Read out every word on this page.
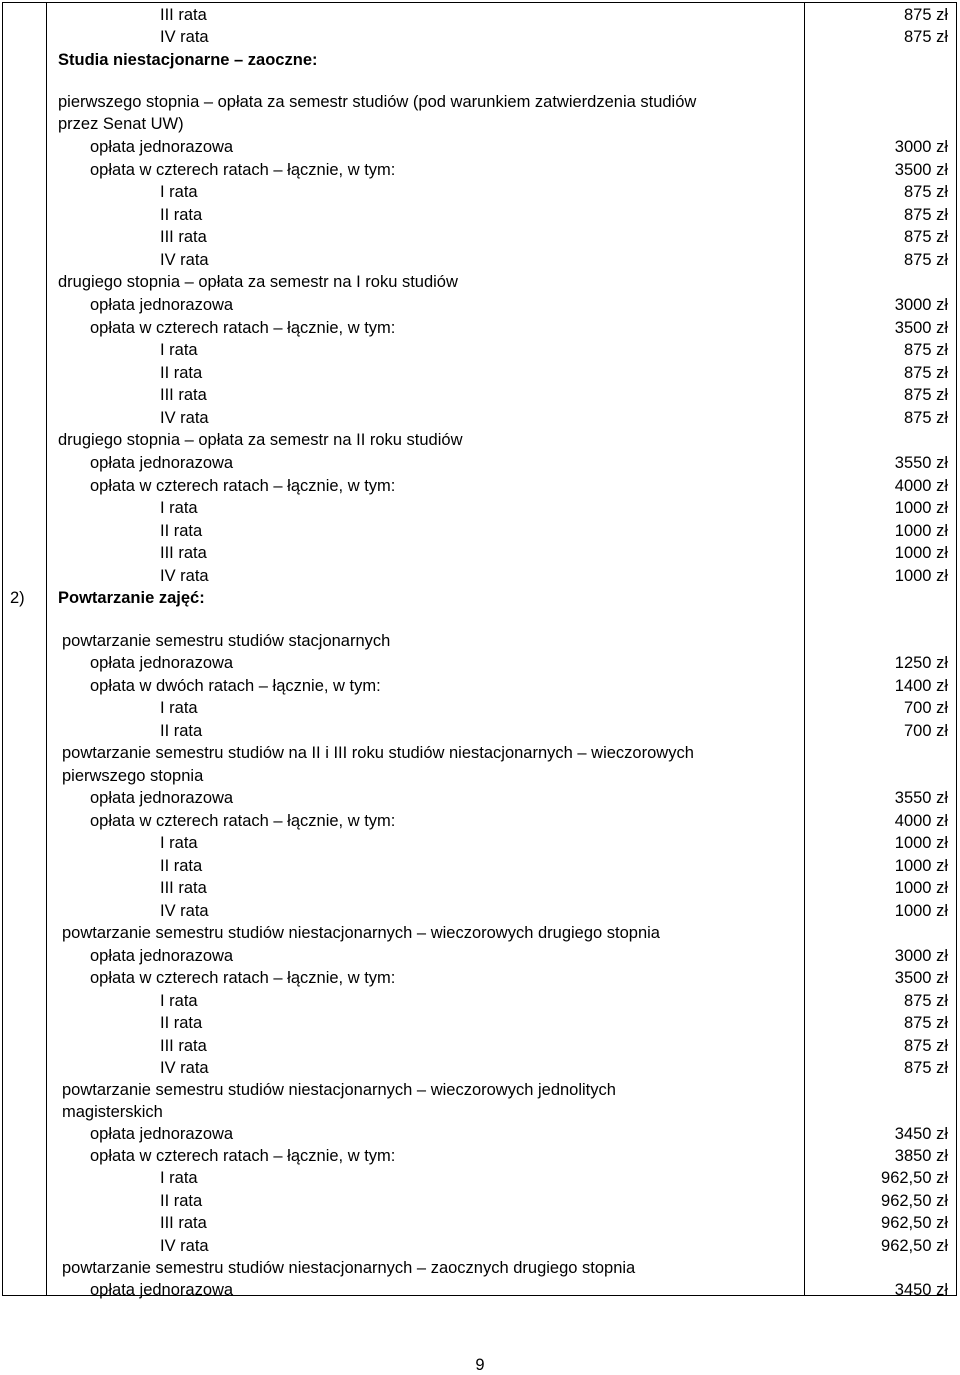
III rata	875 zł
IV rata	875 zł
Studia niestacjonarne – zaoczne:
pierwszego stopnia – opłata za semestr studiów (pod warunkiem zatwierdzenia studiów
przez Senat UW)
opłata jednorazowa	3000 zł
opłata w czterech ratach – łącznie, w tym:	3500 zł
I rata	875 zł
II rata	875 zł
III rata	875 zł
IV rata	875 zł
drugiego stopnia – opłata za semestr na I roku studiów
opłata jednorazowa	3000 zł
opłata w czterech ratach – łącznie, w tym:	3500 zł
I rata	875 zł
II rata	875 zł
III rata	875 zł
IV rata	875 zł
drugiego stopnia – opłata za semestr na II roku studiów
opłata jednorazowa	3550 zł
opłata w czterech ratach – łącznie, w tym:	4000 zł
I rata	1000 zł
II rata	1000 zł
III rata	1000 zł
IV rata	1000 zł
2) Powtarzanie zajęć:
powtarzanie semestru studiów stacjonarnych
opłata jednorazowa	1250 zł
opłata w dwóch ratach – łącznie, w tym:	1400 zł
I rata	700 zł
II rata	700 zł
powtarzanie semestru studiów na II i III roku studiów niestacjonarnych – wieczorowych
pierwszego stopnia
opłata jednorazowa	3550 zł
opłata w czterech ratach – łącznie, w tym:	4000 zł
I rata	1000 zł
II rata	1000 zł
III rata	1000 zł
IV rata	1000 zł
powtarzanie semestru studiów niestacjonarnych – wieczorowych drugiego stopnia
opłata jednorazowa	3000 zł
opłata w czterech ratach – łącznie, w tym:	3500 zł
I rata	875 zł
II rata	875 zł
III rata	875 zł
IV rata	875 zł
powtarzanie semestru studiów niestacjonarnych – wieczorowych jednolitych
magisterskich
opłata jednorazowa	3450 zł
opłata w czterech ratach – łącznie, w tym:	3850 zł
I rata	962,50 zł
II rata	962,50 zł
III rata	962,50 zł
IV rata	962,50 zł
powtarzanie semestru studiów niestacjonarnych – zaocznych drugiego stopnia
opłata jednorazowa	3450 zł
9
